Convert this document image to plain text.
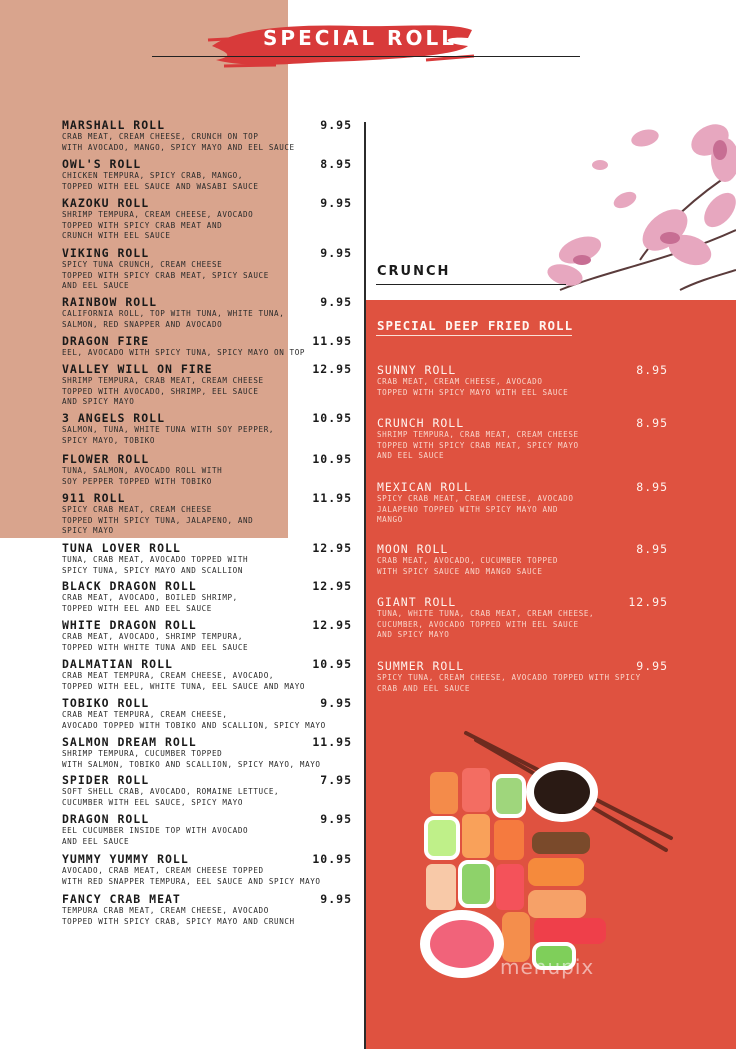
SPECIAL ROLL
MARSHALL ROLL
CRAB MEAT, CREAM CHEESE, CRUNCH ON TOP
WITH AVOCADO, MANGO, SPICY MAYO AND EEL SAUCE
9.95
OWL'S ROLL
CHICKEN TEMPURA, SPICY CRAB, MANGO,
TOPPED WITH EEL SAUCE AND WASABI SAUCE
8.95
KAZOKU ROLL
SHRIMP TEMPURA, CREAM CHEESE, AVOCADO
TOPPED WITH SPICY CRAB MEAT AND
CRUNCH WITH EEL SAUCE
9.95
VIKING ROLL
SPICY TUNA CRUNCH, CREAM CHEESE
TOPPED WITH SPICY CRAB MEAT, SPICY SAUCE
AND EEL SAUCE
9.95
RAINBOW ROLL
CALIFORNIA ROLL, TOP WITH TUNA, WHITE TUNA,
SALMON, RED SNAPPER AND AVOCADO
9.95
DRAGON FIRE
EEL, AVOCADO WITH SPICY TUNA, SPICY MAYO ON TOP
11.95
VALLEY WILL ON FIRE
SHRIMP TEMPURA, CRAB MEAT, CREAM CHEESE
TOPPED WITH AVOCADO, SHRIMP, EEL SAUCE
AND SPICY MAYO
12.95
3 ANGELS ROLL
SALMON, TUNA, WHITE TUNA WITH SOY PEPPER,
SPICY MAYO, TOBIKO
10.95
FLOWER ROLL
TUNA, SALMON, AVOCADO ROLL WITH
SOY PEPPER TOPPED WITH TOBIKO
10.95
911 ROLL
SPICY CRAB MEAT, CREAM CHEESE
TOPPED WITH SPICY TUNA, JALAPENO, AND
SPICY MAYO
11.95
TUNA LOVER ROLL
TUNA, CRAB MEAT, AVOCADO TOPPED WITH
SPICY TUNA, SPICY MAYO AND SCALLION
12.95
BLACK DRAGON ROLL
CRAB MEAT, AVOCADO, BOILED SHRIMP,
TOPPED WITH EEL AND EEL SAUCE
12.95
WHITE DRAGON ROLL
CRAB MEAT, AVOCADO, SHRIMP TEMPURA,
TOPPED WITH WHITE TUNA AND EEL SAUCE
12.95
DALMATIAN ROLL
CRAB MEAT TEMPURA, CREAM CHEESE, AVOCADO,
TOPPED WITH EEL, WHITE TUNA, EEL SAUCE AND MAYO
10.95
TOBIKO ROLL
CRAB MEAT TEMPURA, CREAM CHEESE,
AVOCADO TOPPED WITH TOBIKO AND SCALLION, SPICY MAYO
9.95
SALMON DREAM ROLL
SHRIMP TEMPURA, CUCUMBER TOPPED
WITH SALMON, TOBIKO AND SCALLION, SPICY MAYO, MAYO
11.95
SPIDER ROLL
SOFT SHELL CRAB, AVOCADO, ROMAINE LETTUCE,
CUCUMBER WITH EEL SAUCE, SPICY MAYO
7.95
DRAGON ROLL
EEL CUCUMBER INSIDE TOP WITH AVOCADO
AND EEL SAUCE
9.95
YUMMY YUMMY ROLL
AVOCADO, CRAB MEAT, CREAM CHEESE TOPPED
WITH RED SNAPPER TEMPURA, EEL SAUCE AND SPICY MAYO
10.95
FANCY CRAB MEAT
TEMPURA CRAB MEAT, CREAM CHEESE, AVOCADO
TOPPED WITH SPICY CRAB, SPICY MAYO AND CRUNCH
9.95
CRUNCH
SPECIAL DEEP FRIED ROLL
SUNNY ROLL
CRAB MEAT, CREAM CHEESE, AVOCADO
TOPPED WITH SPICY MAYO WITH EEL SAUCE
8.95
CRUNCH ROLL
SHRIMP TEMPURA, CRAB MEAT, CREAM CHEESE
TOPPED WITH SPICY CRAB MEAT, SPICY MAYO
AND EEL SAUCE
8.95
MEXICAN ROLL
SPICY CRAB MEAT, CREAM CHEESE, AVOCADO
JALAPENO TOPPED WITH SPICY MAYO AND
MANGO
8.95
MOON ROLL
CRAB MEAT, AVOCADO, CUCUMBER TOPPED
WITH SPICY SAUCE AND MANGO SAUCE
8.95
GIANT ROLL
TUNA, WHITE TUNA, CRAB MEAT, CREAM CHEESE,
CUCUMBER, AVOCADO TOPPED WITH EEL SAUCE
AND SPICY MAYO
12.95
SUMMER ROLL
SPICY TUNA, CREAM CHEESE, AVOCADO TOPPED WITH SPICY
CRAB AND EEL SAUCE
9.95
menupix
